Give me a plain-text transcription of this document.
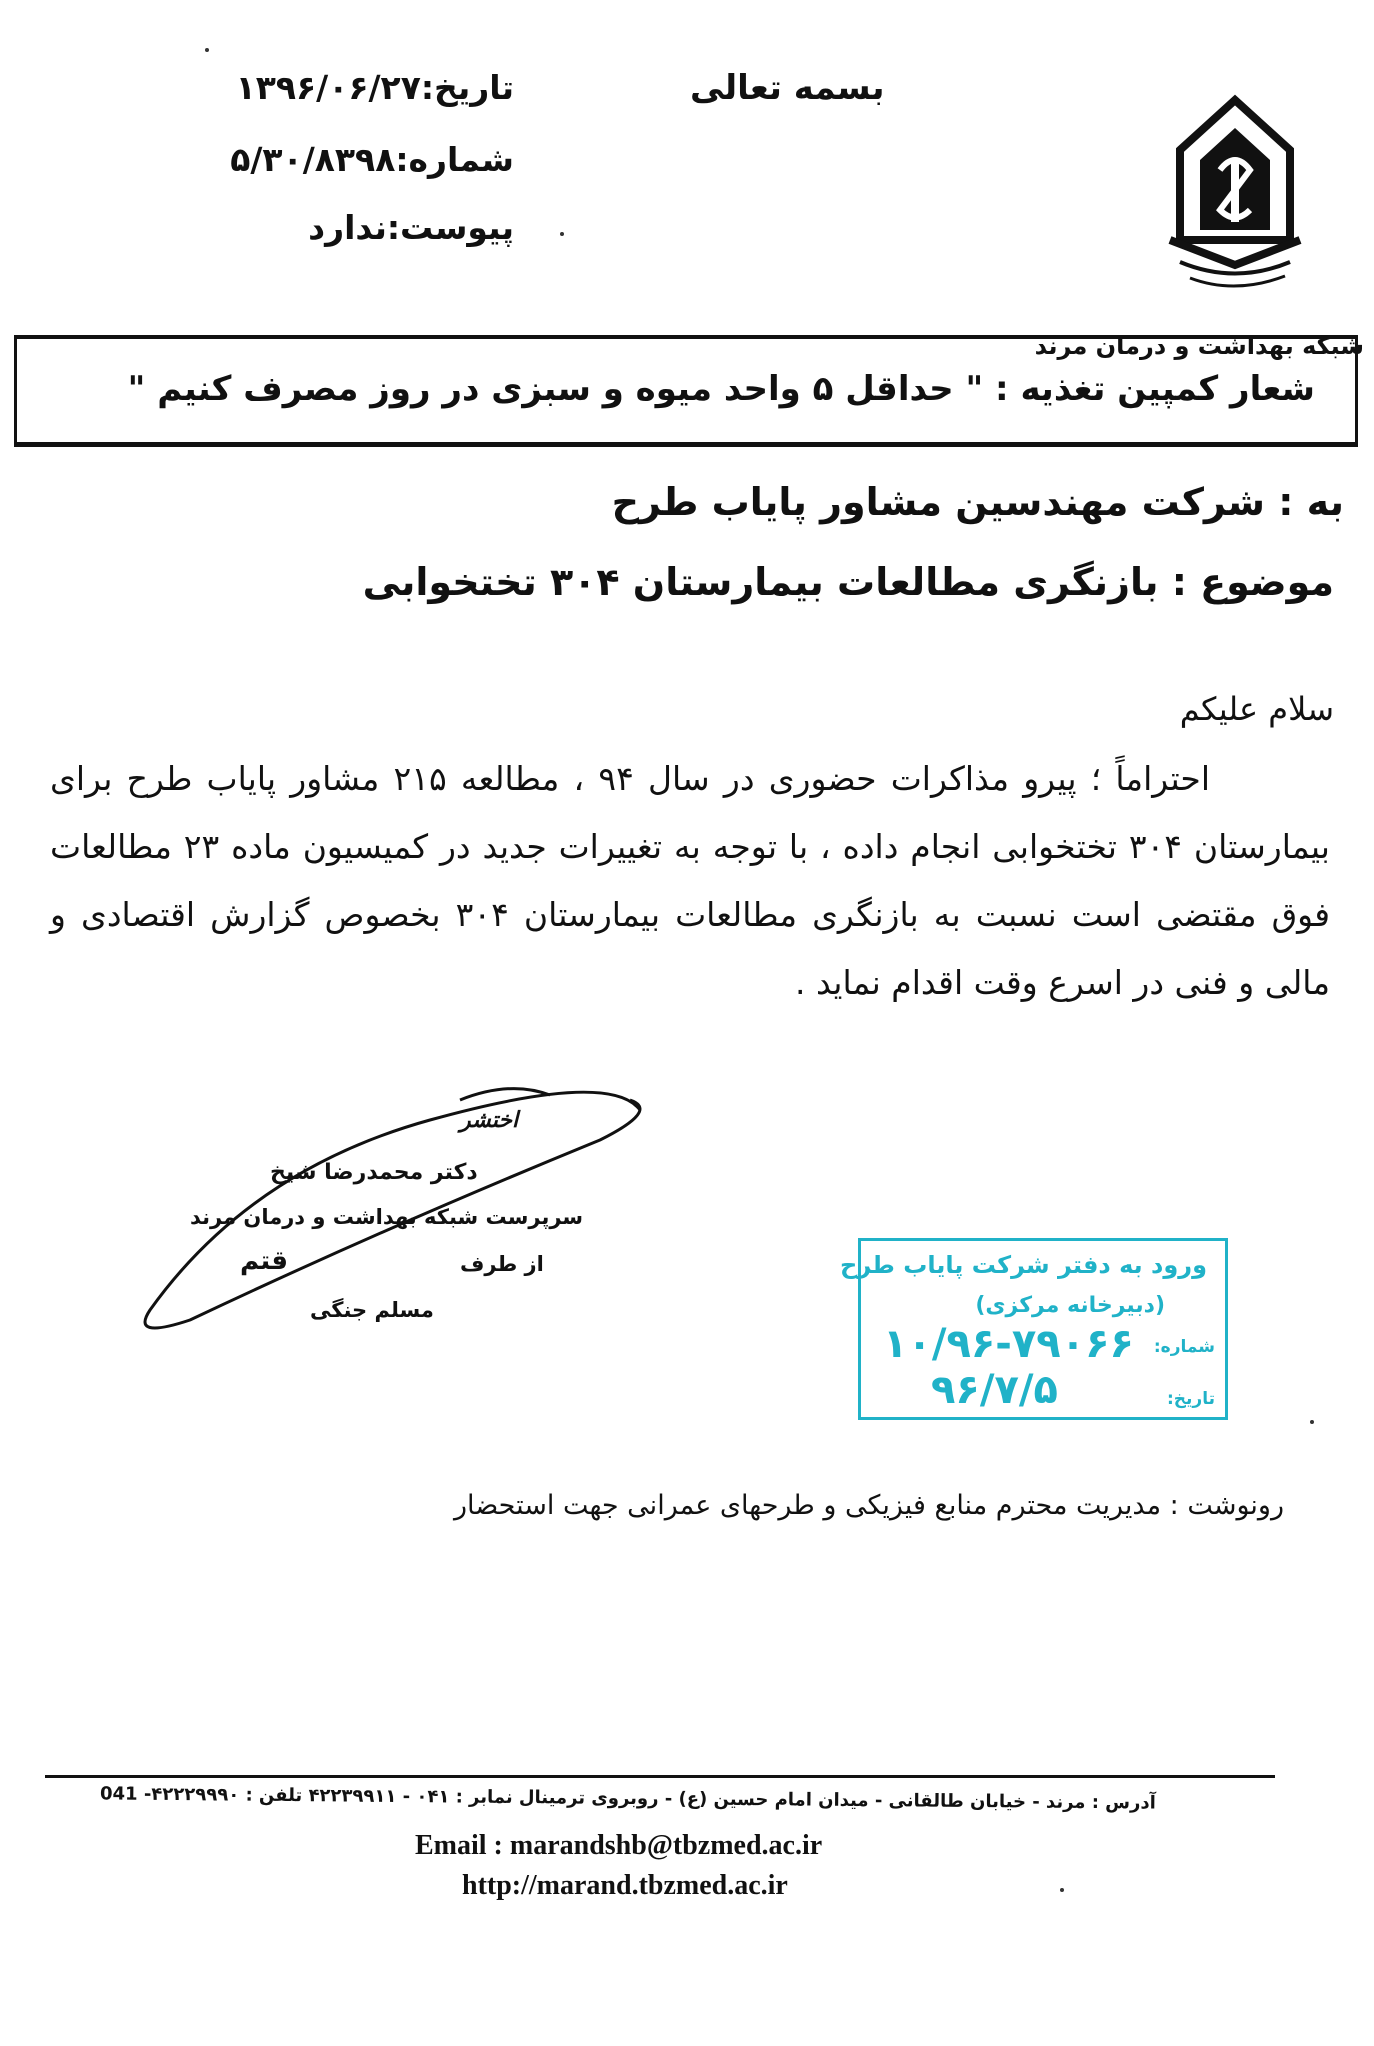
بسمه تعالی
تاریخ:۱۳۹۶/۰۶/۲۷
شماره:۵/۳۰/۸۳۹۸
پیوست:ندارد
شبکه بهداشت و درمان مرند
شعار کمپین تغذیه : " حداقل ۵ واحد میوه و سبزی در روز مصرف کنیم "
به : شرکت مهندسین مشاور پایاب طرح
موضوع : بازنگری مطالعات بیمارستان ۳۰۴ تختخوابی
سلام علیکم

احتراماً ؛ پیرو مذاکرات حضوری در سال ۹۴ ، مطالعه ۲۱۵ مشاور پایاب طرح برای بیمارستان ۳۰۴ تختخوابی انجام داده ، با توجه به تغییرات جدید در کمیسیون ماده ۲۳ مطالعات فوق مقتضی است نسبت به بازنگری مطالعات بیمارستان ۳۰۴ بخصوص گزارش اقتصادی و مالی و فنی در اسرع وقت اقدام نماید .

اختشر
دکتر محمدرضا شیخ
سرپرست شبکه بهداشت و درمان مرند
از طرف
قتم
مسلم جنگی
ورود به دفتر شرکت پایاب طرح
(دبیرخانه مرکزی)
شماره:
۱۰/۹۶-۷۹۰۶۶
تاریخ:
۹۶/۷/۵
رونوشت : مدیریت محترم منابع فیزیکی و طرحهای عمرانی جهت استحضار
آدرس : مرند - خیابان طالقانی - میدان امام حسین (ع) - روبروی ترمینال نمابر : ۰۴۱ - ۴۲۲۳۹۹۱۱ تلفن : ۴۲۲۲۹۹۹۰- 041
Email : marandshb@tbzmed.ac.ir
http://marand.tbzmed.ac.ir
